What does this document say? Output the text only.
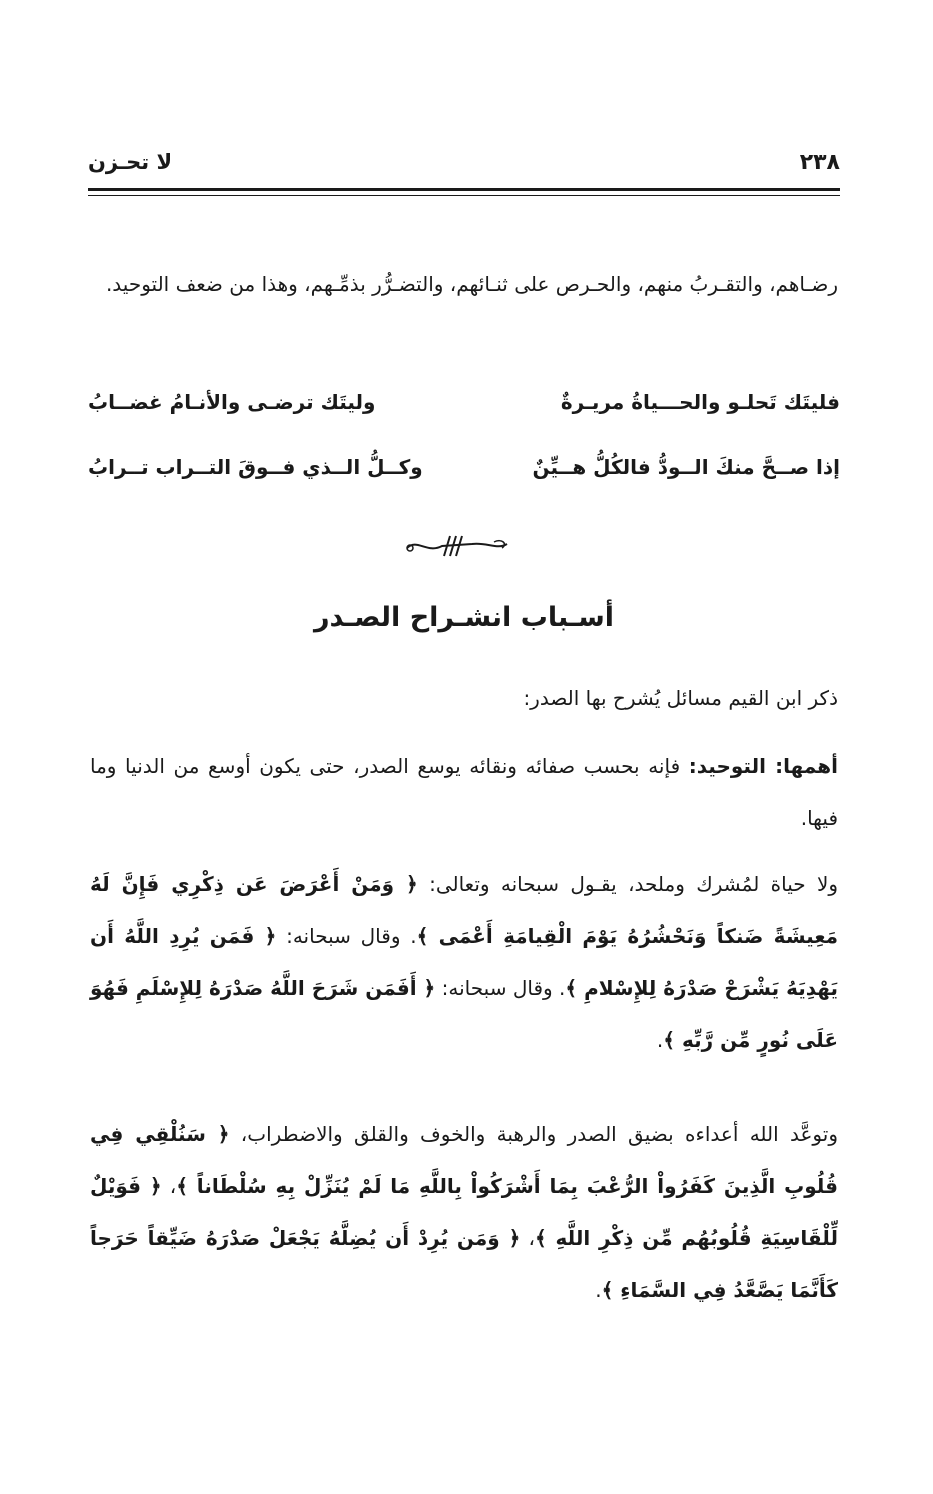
٢٣٨
لا تحـزن

رضـاهم، والتقـربُ منهم، والحـرص على ثنـائهم، والتضـرُّر بذمِّـهم، وهذا من ضعف التوحيد.

فليتَك تَحلـو والحـــياةُ مريـرةٌ
وليتَك ترضـى والأنـامُ غضــابُ
إذا صــحَّ منكَ الــودُّ فالكُلُّ هــيِّنٌ
وكــلُّ الــذي فــوقَ التــراب تــرابُ
أسـباب انشـراح الصـدر

ذكر ابن القيم مسائل يُشرح بها الصدر:

أهمها: التوحيد: فإنه بحسب صفائه ونقائه يوسع الصدر، حتى يكون أوسع من الدنيا وما فيها.

ولا حياة لمُشرك وملحد، يقـول سبحانه وتعالى: ﴿ وَمَنْ أَعْرَضَ عَن ذِكْرِي فَإِنَّ لَهُ مَعِيشَةً ضَنكاً وَنَحْشُرُهُ يَوْمَ الْقِيامَةِ أَعْمَى ﴾. وقال سبحانه: ﴿ فَمَن يُرِدِ اللَّهُ أَن يَهْدِيَهُ يَشْرَحْ صَدْرَهُ لِلإِسْلامِ ﴾. وقال سبحانه: ﴿ أَفَمَن شَرَحَ اللَّهُ صَدْرَهُ لِلإِسْلَمِ فَهُوَ عَلَى نُورٍ مِّن رَّبِّهِ ﴾.

وتوعَّد الله أعداءه بضيق الصدر والرهبة والخوف والقلق والاضطراب، ﴿ سَنُلْقِي فِي قُلُوبِ الَّذِينَ كَفَرُواْ الرُّعْبَ بِمَا أَشْرَكُواْ بِاللَّهِ مَا لَمْ يُنَزِّلْ بِهِ سُلْطَاناً ﴾، ﴿ فَوَيْلٌ لِّلْقَاسِيَةِ قُلُوبُهُم مِّن ذِكْرِ اللَّهِ ﴾، ﴿ وَمَن يُرِدْ أَن يُضِلَّهُ يَجْعَلْ صَدْرَهُ ضَيِّقاً حَرَجاً كَأَنَّمَا يَصَّعَّدُ فِي السَّمَاءِ ﴾.
